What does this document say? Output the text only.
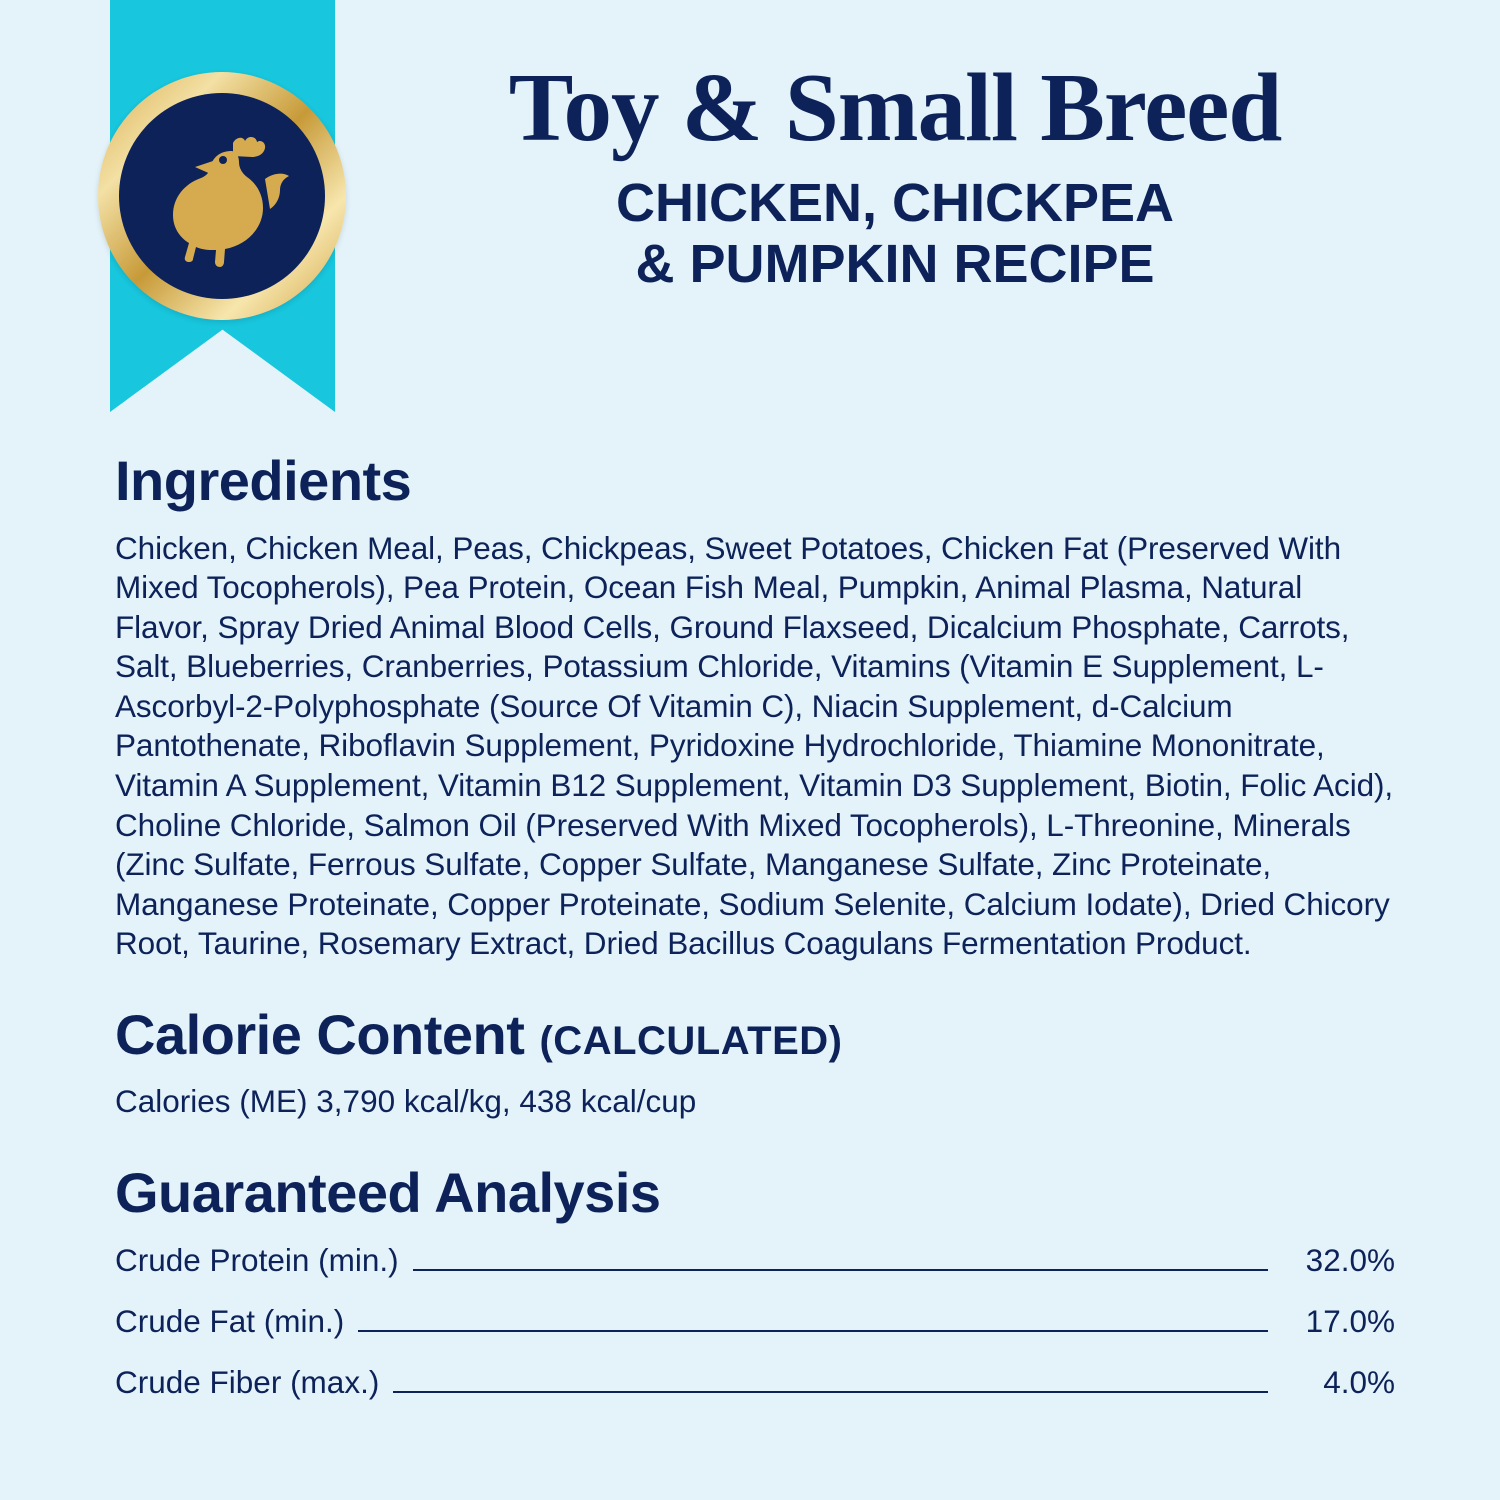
Toy & Small Breed
CHICKEN, CHICKPEA
& PUMPKIN RECIPE
Ingredients

Chicken, Chicken Meal, Peas, Chickpeas, Sweet Potatoes, Chicken Fat (Preserved With Mixed Tocopherols), Pea Protein, Ocean Fish Meal, Pumpkin, Animal Plasma, Natural Flavor, Spray Dried Animal Blood Cells, Ground Flaxseed, Dicalcium Phosphate, Carrots, Salt, Blueberries, Cranberries, Potassium Chloride, Vitamins (Vitamin E Supplement, L-Ascorbyl-2-Polyphosphate (Source Of Vitamin C), Niacin Supplement, d-Calcium Pantothenate, Riboflavin Supplement, Pyridoxine Hydrochloride, Thiamine Mononitrate, Vitamin A Supplement, Vitamin B12 Supplement, Vitamin D3 Supplement, Biotin, Folic Acid), Choline Chloride, Salmon Oil (Preserved With Mixed Tocopherols), L-Threonine, Minerals (Zinc Sulfate, Ferrous Sulfate, Copper Sulfate, Manganese Sulfate, Zinc Proteinate, Manganese Proteinate, Copper Proteinate, Sodium Selenite, Calcium Iodate), Dried Chicory Root, Taurine, Rosemary Extract, Dried Bacillus Coagulans Fermentation Product.

Calorie Content (CALCULATED)

Calories (ME) 3,790 kcal/kg, 438 kcal/cup

Guaranteed Analysis
Crude Protein (min.)	32.0%
Crude Fat (min.)	17.0%
Crude Fiber (max.)	4.0%
